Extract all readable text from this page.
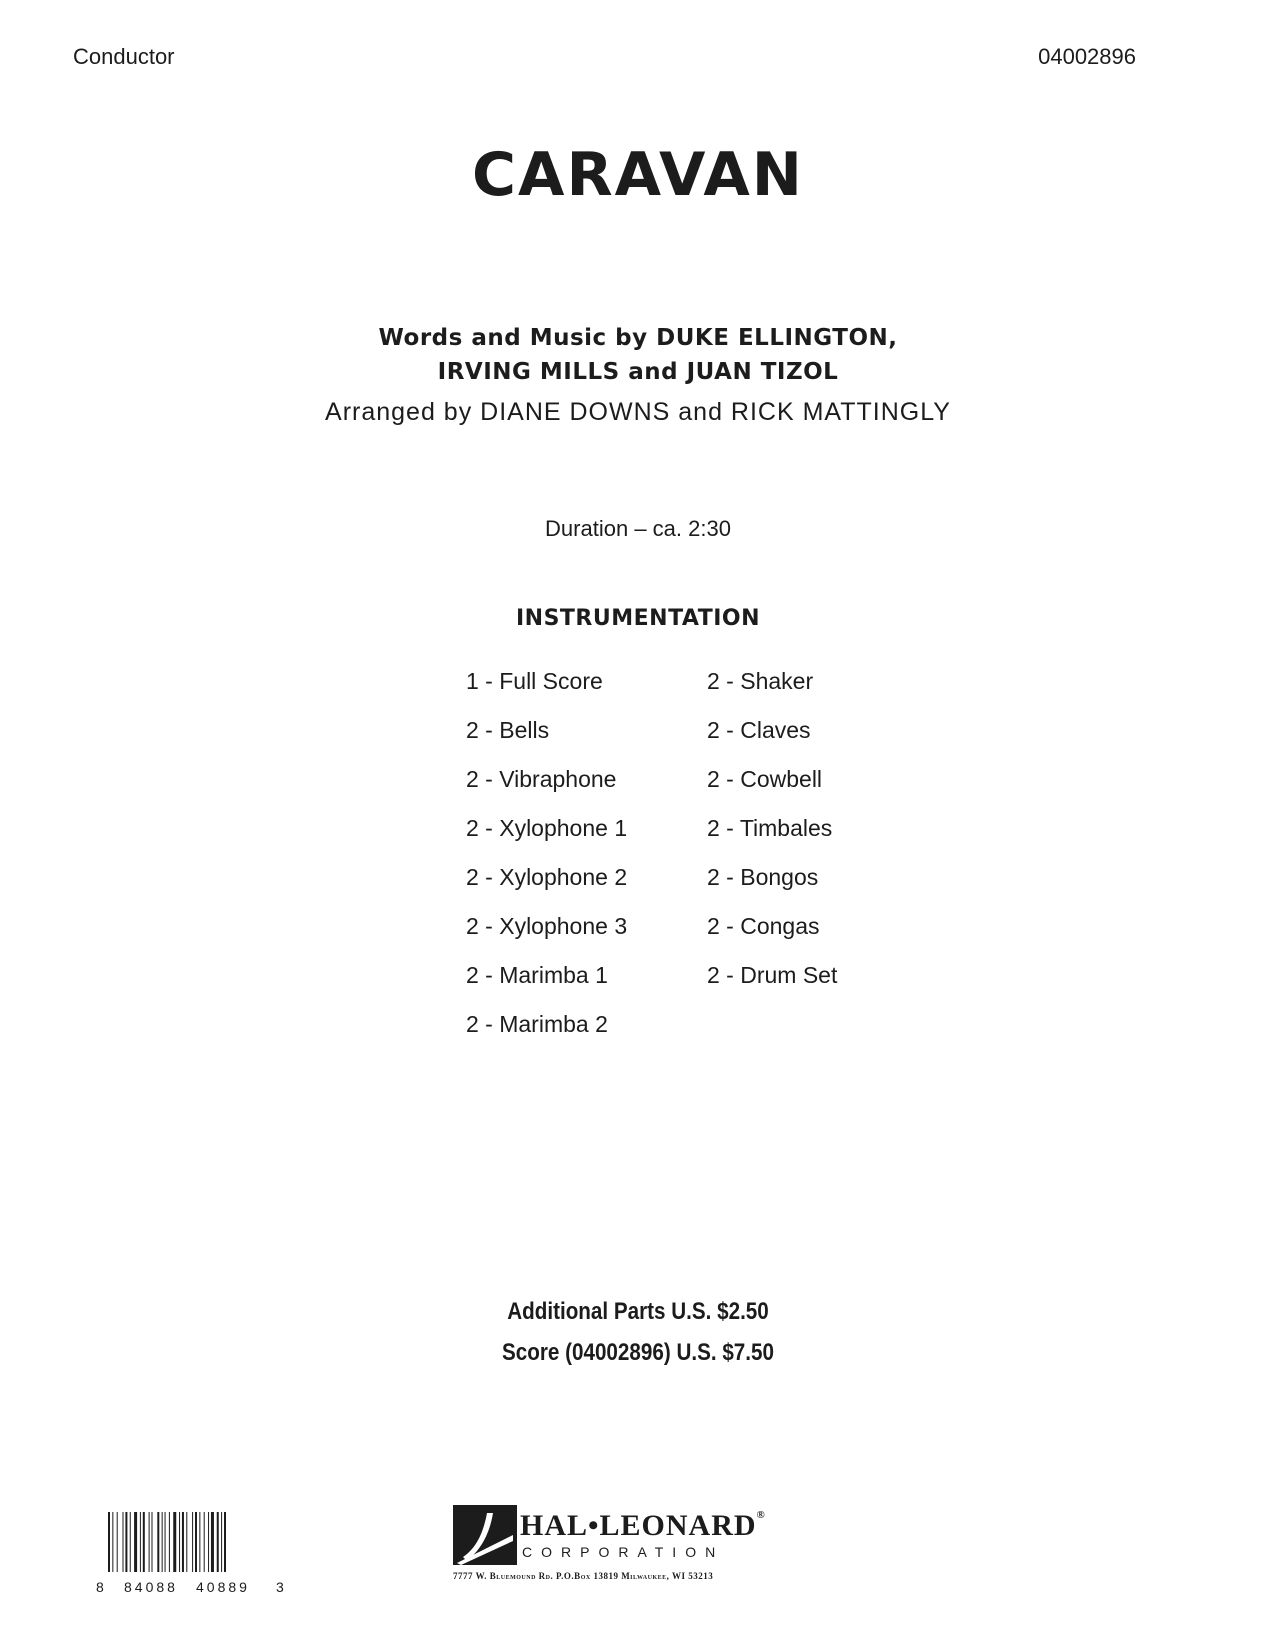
Conductor	04002896
CARAVAN
Words and Music by DUKE ELLINGTON,
IRVING MILLS and JUAN TIZOL
Arranged by DIANE DOWNS and RICK MATTINGLY
Duration – ca. 2:30
INSTRUMENTATION
1 - Full Score
2 - Bells
2 - Vibraphone
2 - Xylophone 1
2 - Xylophone 2
2 - Xylophone 3
2 - Marimba 1
2 - Marimba 2
2 - Shaker
2 - Claves
2 - Cowbell
2 - Timbales
2 - Bongos
2 - Congas
2 - Drum Set
Additional Parts U.S. $2.50
Score (04002896) U.S. $7.50
8 84088 40889 3
HAL•LEONARD®
CORPORATION
7777 W. Bluemound Rd. P.O.Box 13819 Milwaukee, WI 53213
